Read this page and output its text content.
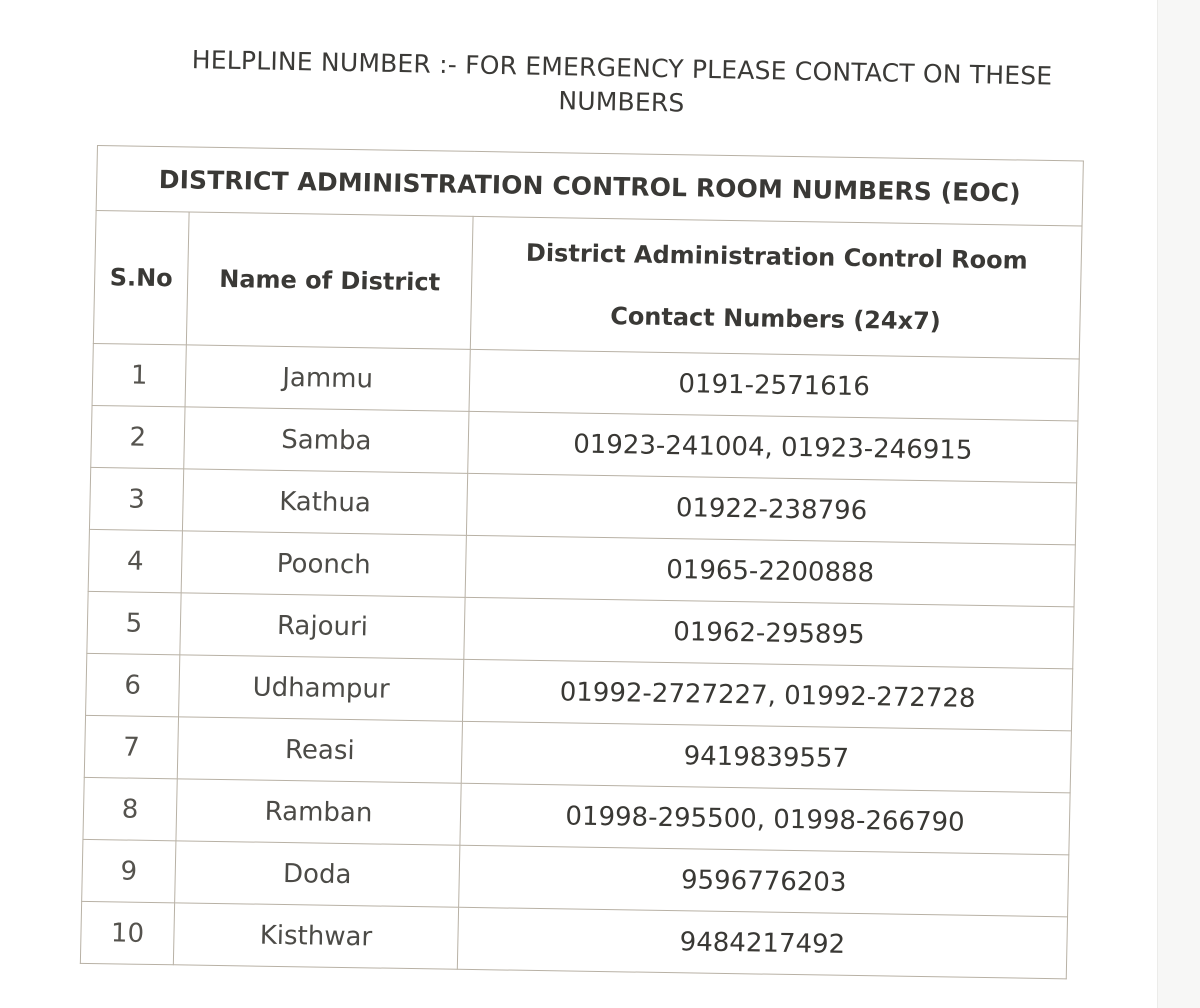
HELPLINE NUMBER :- FOR EMERGENCY PLEASE CONTACT ON THESE
NUMBERS
DISTRICT ADMINISTRATION CONTROL ROOM NUMBERS (EOC)		
S.No	Name of District	District Administration Control Room
Contact Numbers (24x7)

1	Jammu	0191-2571616
2	Samba	01923-241004, 01923-246915
3	Kathua	01922-238796
4	Poonch	01965-2200888
5	Rajouri	01962-295895
6	Udhampur	01992-2727227, 01992-272728
7	Reasi	9419839557
8	Ramban	01998-295500, 01998-266790
9	Doda	9596776203
10	Kisthwar	9484217492
